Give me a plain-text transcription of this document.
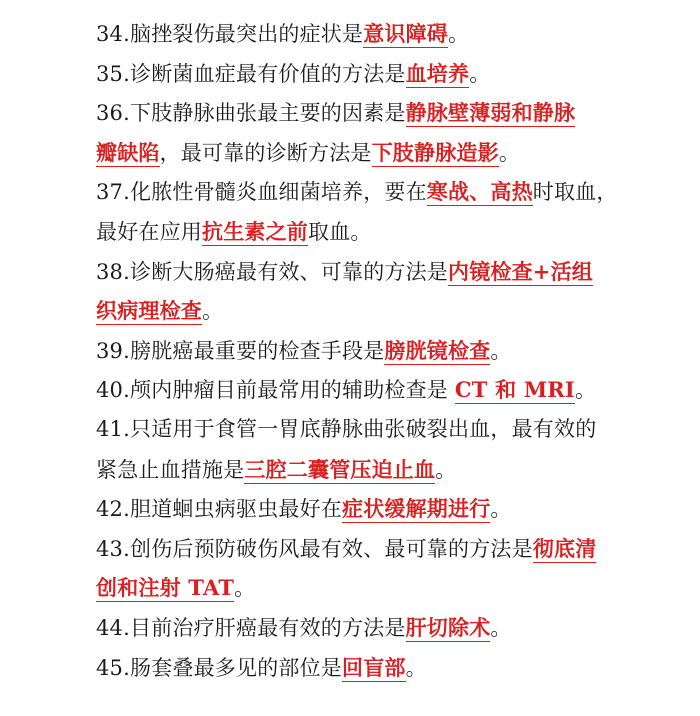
34.脑挫裂伤最突出的症状是意识障碍。
35.诊断菌血症最有价值的方法是血培养。
36.下肢静脉曲张最主要的因素是静脉壁薄弱和静脉
瓣缺陷，最可靠的诊断方法是下肢静脉造影。
37.化脓性骨髓炎血细菌培养，要在寒战、高热时取血，
最好在应用抗生素之前取血。
38.诊断大肠癌最有效、可靠的方法是内镜检查+活组
织病理检查。
39.膀胱癌最重要的检查手段是膀胱镜检查。
40.颅内肿瘤目前最常用的辅助检查是 CT 和 MRI。
41.只适用于食管一胃底静脉曲张破裂出血，最有效的
紧急止血措施是三腔二囊管压迫止血。
42.胆道蛔虫病驱虫最好在症状缓解期进行。
43.创伤后预防破伤风最有效、最可靠的方法是彻底清
创和注射 TAT。
44.目前治疗肝癌最有效的方法是肝切除术。
45.肠套叠最多见的部位是回盲部。
